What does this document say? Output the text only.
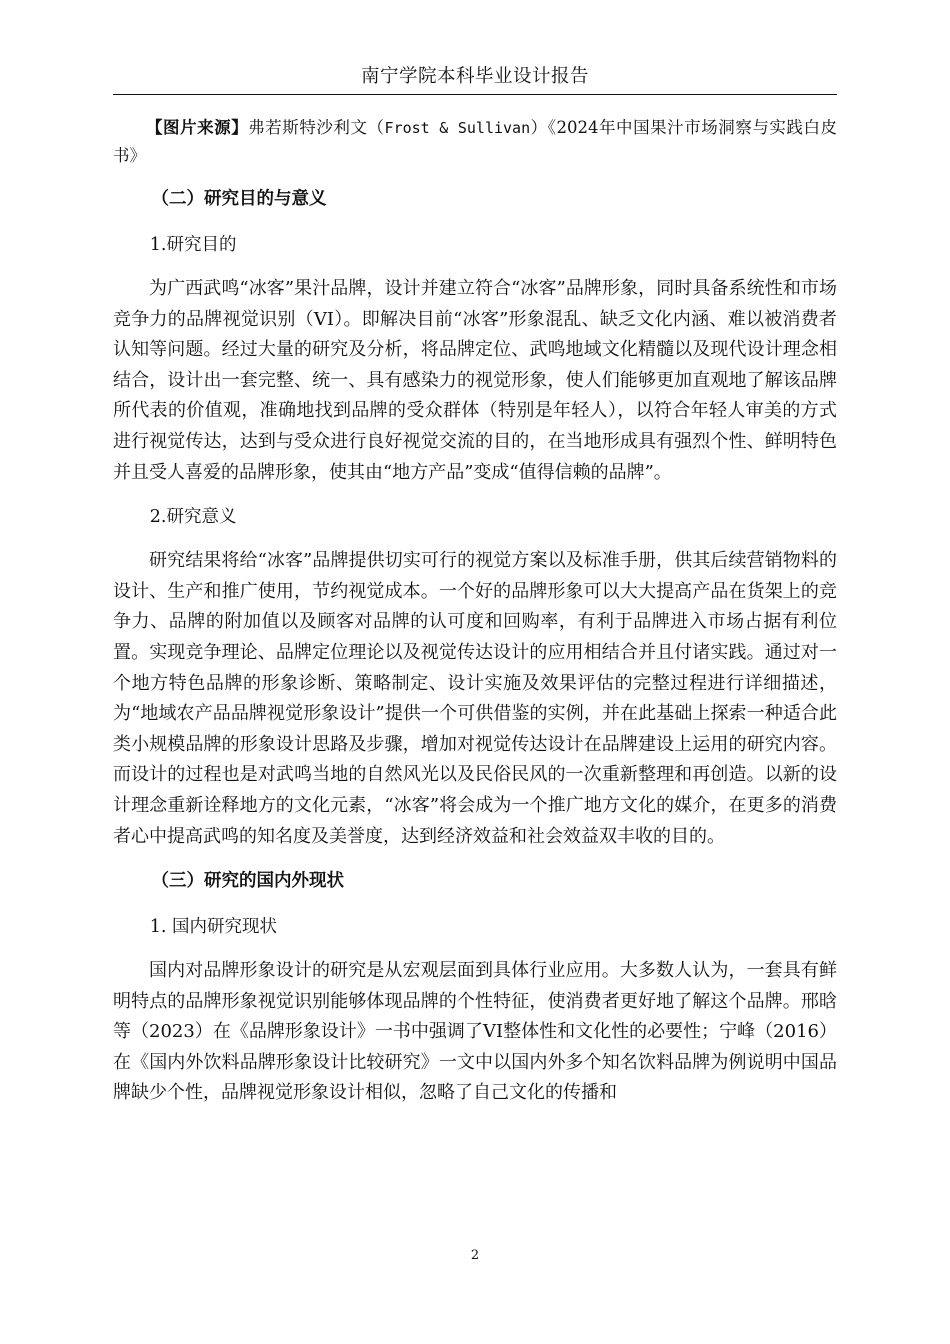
南宁学院本科毕业设计报告

【图片来源】弗若斯特沙利文（Frost & Sullivan）《2024年中国果汁市场洞察与实践白皮书》

（二）研究目的与意义
1.研究目的

为广西武鸣“冰客”果汁品牌，设计并建立符合“冰客”品牌形象，同时具备系统性和市场竞争力的品牌视觉识别（VI）。即解决目前“冰客”形象混乱、缺乏文化内涵、难以被消费者认知等问题。经过大量的研究及分析，将品牌定位、武鸣地域文化精髓以及现代设计理念相结合，设计出一套完整、统一、具有感染力的视觉形象，使人们能够更加直观地了解该品牌所代表的价值观，准确地找到品牌的受众群体（特别是年轻人），以符合年轻人审美的方式进行视觉传达，达到与受众进行良好视觉交流的目的，在当地形成具有强烈个性、鲜明特色并且受人喜爱的品牌形象，使其由“地方产品”变成“值得信赖的品牌”。

2.研究意义

研究结果将给“冰客”品牌提供切实可行的视觉方案以及标准手册，供其后续营销物料的设计、生产和推广使用，节约视觉成本。一个好的品牌形象可以大大提高产品在货架上的竞争力、品牌的附加值以及顾客对品牌的认可度和回购率，有利于品牌进入市场占据有利位置。实现竞争理论、品牌定位理论以及视觉传达设计的应用相结合并且付诸实践。通过对一个地方特色品牌的形象诊断、策略制定、设计实施及效果评估的完整过程进行详细描述，为“地域农产品品牌视觉形象设计”提供一个可供借鉴的实例，并在此基础上探索一种适合此类小规模品牌的形象设计思路及步骤，增加对视觉传达设计在品牌建设上运用的研究内容。而设计的过程也是对武鸣当地的自然风光以及民俗民风的一次重新整理和再创造。以新的设计理念重新诠释地方的文化元素，“冰客”将会成为一个推广地方文化的媒介，在更多的消费者心中提高武鸣的知名度及美誉度，达到经济效益和社会效益双丰收的目的。

（三）研究的国内外现状
1. 国内研究现状

国内对品牌形象设计的研究是从宏观层面到具体行业应用。大多数人认为，一套具有鲜明特点的品牌形象视觉识别能够体现品牌的个性特征，使消费者更好地了解这个品牌。邢晗等（2023）在《品牌形象设计》一书中强调了VI整体性和文化性的必要性；宁峰（2016）在《国内外饮料品牌形象设计比较研究》一文中以国内外多个知名饮料品牌为例说明中国品牌缺少个性，品牌视觉形象设计相似，忽略了自己文化的传播和

2
